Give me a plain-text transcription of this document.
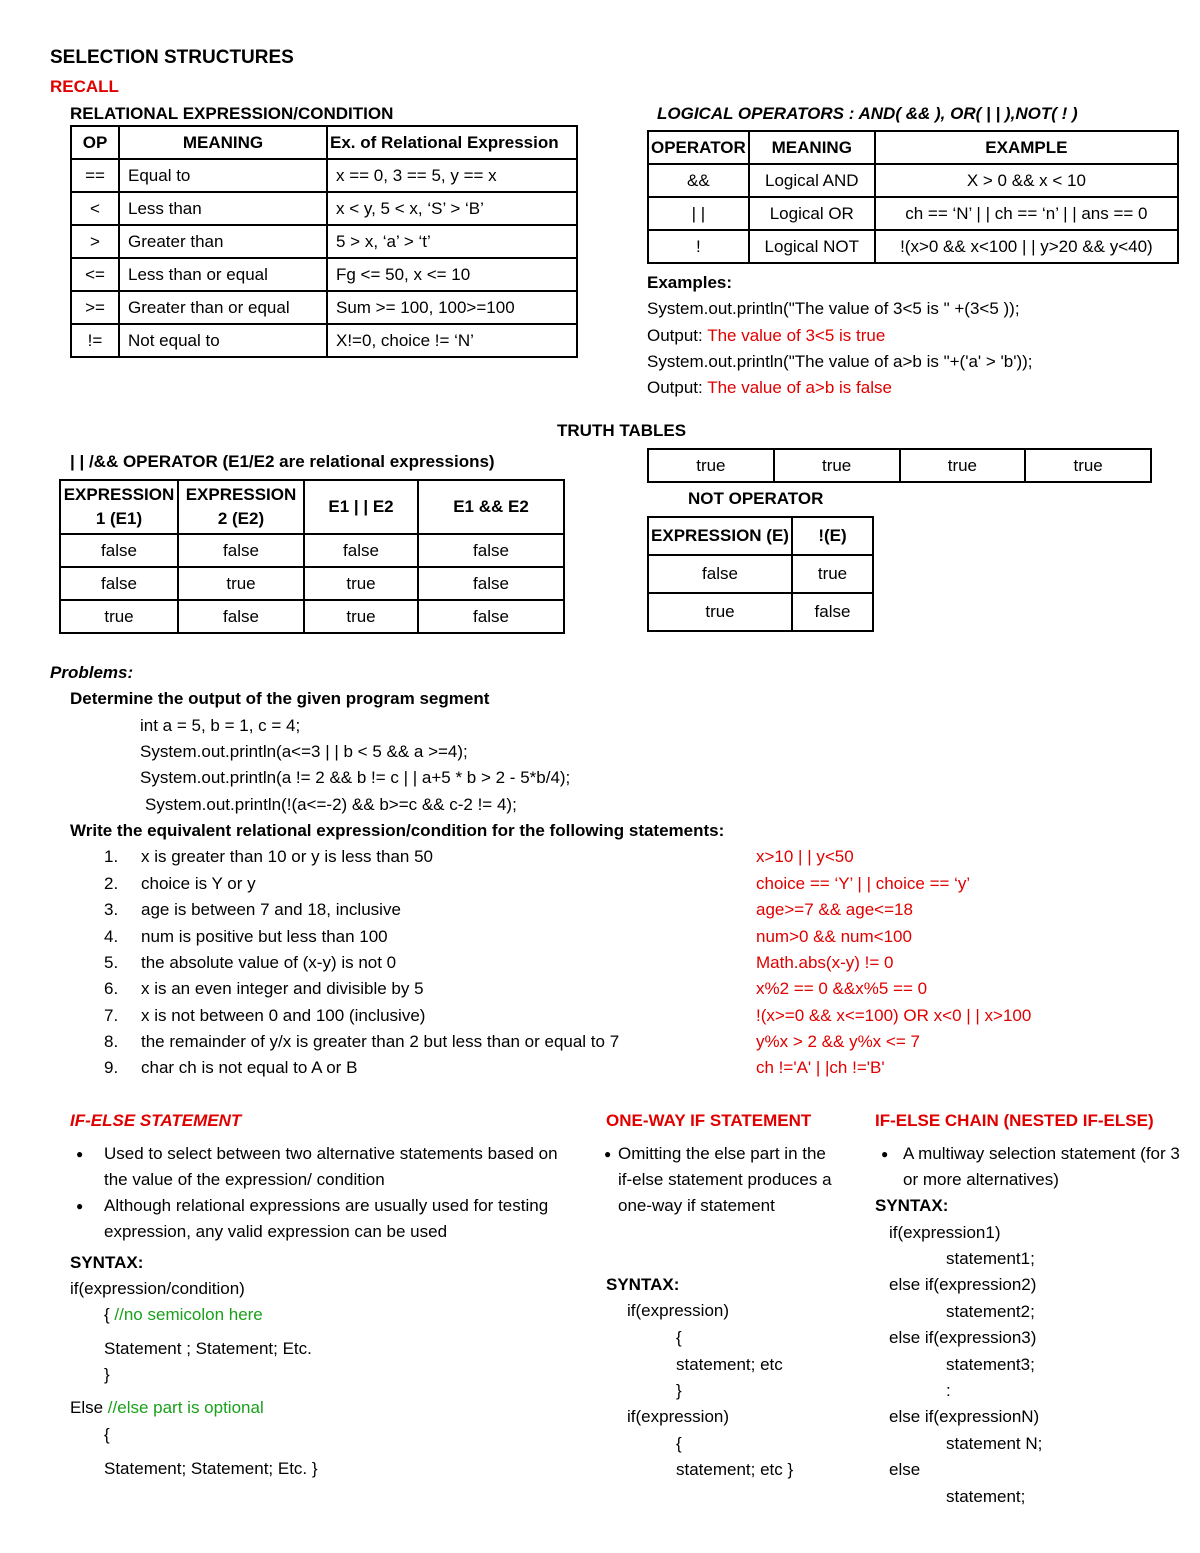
SELECTION STRUCTURES
RECALL
RELATIONAL EXPRESSION/CONDITION
OP	MEANING	Ex. of Relational Expression
==	Equal to	x == 0, 3 == 5, y == x
<	Less than	x < y, 5 < x, ‘S’ > ‘B’
>	Greater than	5 > x, ‘a’ > ‘t’
<=	Less than or equal	Fg <= 50, x <= 10
>=	Greater than or equal	Sum >= 100, 100>=100
!=	Not equal to	X!=0, choice != ‘N’
LOGICAL OPERATORS : AND( && ), OR( | | ),NOT( ! )
OPERATOR	MEANING	EXAMPLE
&&	Logical AND	X > 0 && x < 10
| |	Logical OR	ch == ‘N’ | | ch == ‘n’ | | ans == 0
!	Logical NOT	!(x>0 && x<100 | | y>20 && y<40)
Examples:
System.out.println("The value of 3<5 is " +(3<5 ));
Output: The value of 3<5 is true
System.out.println("The value of a>b is "+('a' > 'b'));
Output: The value of a>b is false
TRUTH TABLES
| | /&& OPERATOR (E1/E2 are relational expressions)
EXPRESSION 1 (E1)	EXPRESSION 2 (E2)	E1 | | E2	E1 && E2
false	false	false	false
false	true	true	false
true	false	true	false
true	true	true	true
NOT OPERATOR
EXPRESSION (E)	!(E)
false	true
true	false
Problems:
Determine the output of the given program segment
int a = 5, b = 1, c = 4;
System.out.println(a<=3 | | b < 5 && a >=4);
System.out.println(a != 2 && b != c | | a+5 * b > 2 - 5*b/4);
System.out.println(!(a<=-2) && b>=c && c-2 != 4);
Write the equivalent relational expression/condition for the following statements:
1. x is greater than 10 or y is less than 50	x>10 | | y<50
2. choice is Y or y	choice == ‘Y’ | | choice == ‘y’
3. age is between 7 and 18, inclusive	age>=7 && age<=18
4. num is positive but less than 100	num>0 && num<100
5. the absolute value of (x-y) is not 0	Math.abs(x-y) != 0
6. x is an even integer and divisible by 5	x%2 == 0 &&x%5 == 0
7. x is not between 0 and 100 (inclusive)	!(x>=0 && x<=100) OR x<0 | | x>100
8. the remainder of y/x is greater than 2 but less than or equal to 7	y%x > 2 && y%x <= 7
9. char ch is not equal to A or B	ch !='A' | |ch !='B'
IF-ELSE STATEMENT
● Used to select between two alternative statements based on the value of the expression/ condition
● Although relational expressions are usually used for testing expression, any valid expression can be used
SYNTAX:
if(expression/condition)
{ //no semicolon here
Statement ; Statement; Etc.
}
Else //else part is optional
{
Statement; Statement; Etc. }
ONE-WAY IF STATEMENT
● Omitting the else part in the if-else statement produces a one-way if statement
SYNTAX:
if(expression)
{
statement; etc
}
if(expression)
{
statement; etc }
IF-ELSE CHAIN (NESTED IF-ELSE)
● A multiway selection statement (for 3 or more alternatives)
SYNTAX:
if(expression1)
statement1;
else if(expression2)
statement2;
else if(expression3)
statement3;
:
else if(expressionN)
statement N;
else
statement;
